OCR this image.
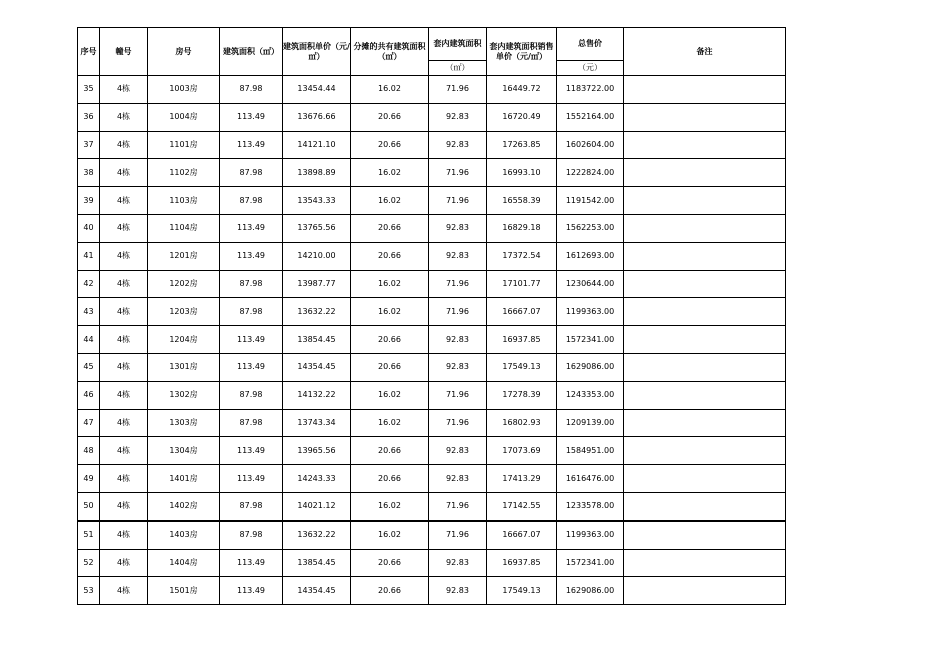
序号	幢号	房号	建筑面积（㎡）	建筑面积单价（元/㎡）	分摊的共有建筑面积（㎡）	套内建筑面积	套内建筑面积销售单价（元/㎡）	总售价	备注
						（㎡）		（元）	
35	4栋	1003房	87.98	13454.44	16.02	71.96	16449.72	1183722.00	
36	4栋	1004房	113.49	13676.66	20.66	92.83	16720.49	1552164.00	
37	4栋	1101房	113.49	14121.10	20.66	92.83	17263.85	1602604.00	
38	4栋	1102房	87.98	13898.89	16.02	71.96	16993.10	1222824.00	
39	4栋	1103房	87.98	13543.33	16.02	71.96	16558.39	1191542.00	
40	4栋	1104房	113.49	13765.56	20.66	92.83	16829.18	1562253.00	
41	4栋	1201房	113.49	14210.00	20.66	92.83	17372.54	1612693.00	
42	4栋	1202房	87.98	13987.77	16.02	71.96	17101.77	1230644.00	
43	4栋	1203房	87.98	13632.22	16.02	71.96	16667.07	1199363.00	
44	4栋	1204房	113.49	13854.45	20.66	92.83	16937.85	1572341.00	
45	4栋	1301房	113.49	14354.45	20.66	92.83	17549.13	1629086.00	
46	4栋	1302房	87.98	14132.22	16.02	71.96	17278.39	1243353.00	
47	4栋	1303房	87.98	13743.34	16.02	71.96	16802.93	1209139.00	
48	4栋	1304房	113.49	13965.56	20.66	92.83	17073.69	1584951.00	
49	4栋	1401房	113.49	14243.33	20.66	92.83	17413.29	1616476.00	
50	4栋	1402房	87.98	14021.12	16.02	71.96	17142.55	1233578.00	
51	4栋	1403房	87.98	13632.22	16.02	71.96	16667.07	1199363.00	
52	4栋	1404房	113.49	13854.45	20.66	92.83	16937.85	1572341.00	
53	4栋	1501房	113.49	14354.45	20.66	92.83	17549.13	1629086.00	
